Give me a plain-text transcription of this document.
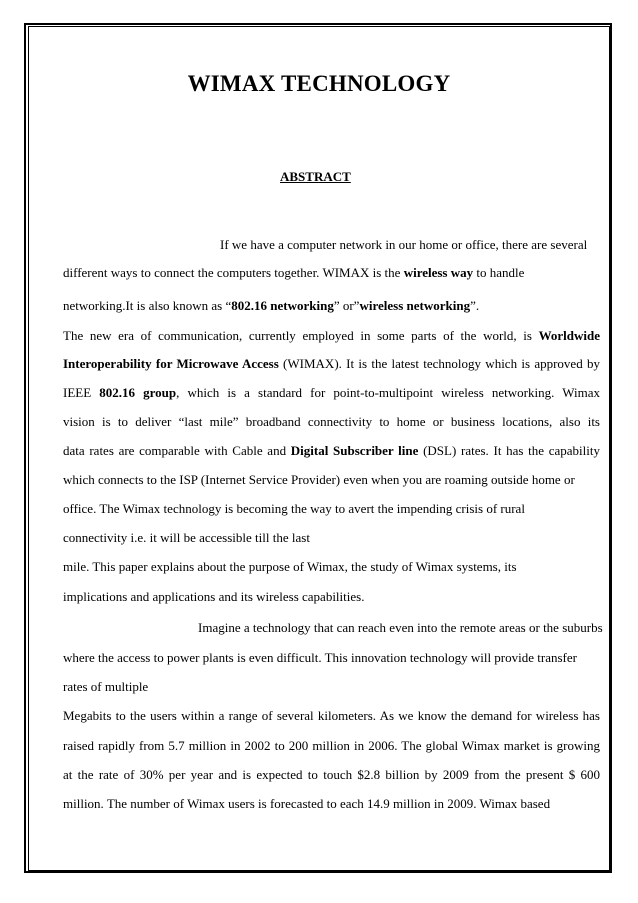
WIMAX TECHNOLOGY
ABSTRACT
If we have a computer network in our home or office, there are several
different ways to connect the computers together. WIMAX is the wireless way to handle
networking.It is also known as “802.16 networking” or”wireless networking”.
The new era of communication, currently employed in some parts of the world, is Worldwide
Interoperability for Microwave Access (WIMAX). It is the latest technology which is approved by
IEEE 802.16 group, which is a standard for point-to-multipoint wireless networking. Wimax
vision is to deliver “last mile” broadband connectivity to home or business locations, also its
data rates are comparable with Cable and Digital Subscriber line (DSL) rates. It has the capability
which connects to the ISP (Internet Service Provider) even when you are roaming outside home or
office. The Wimax technology is becoming the way to avert the impending crisis of rural
connectivity i.e. it will be accessible till the last
mile. This paper explains about the purpose of Wimax, the study of Wimax systems, its
implications and applications and its wireless capabilities.
Imagine a technology that can reach even into the remote areas or the suburbs
where the access to power plants is even difficult. This innovation technology will provide transfer
rates of multiple
Megabits to the users within a range of several kilometers. As we know the demand for wireless has
raised rapidly from 5.7 million in 2002 to 200 million in 2006. The global Wimax market is growing
at the rate of 30% per year and is expected to touch $2.8 billion by 2009 from the present $ 600
million. The number of Wimax users is forecasted to each 14.9 million in 2009. Wimax based
